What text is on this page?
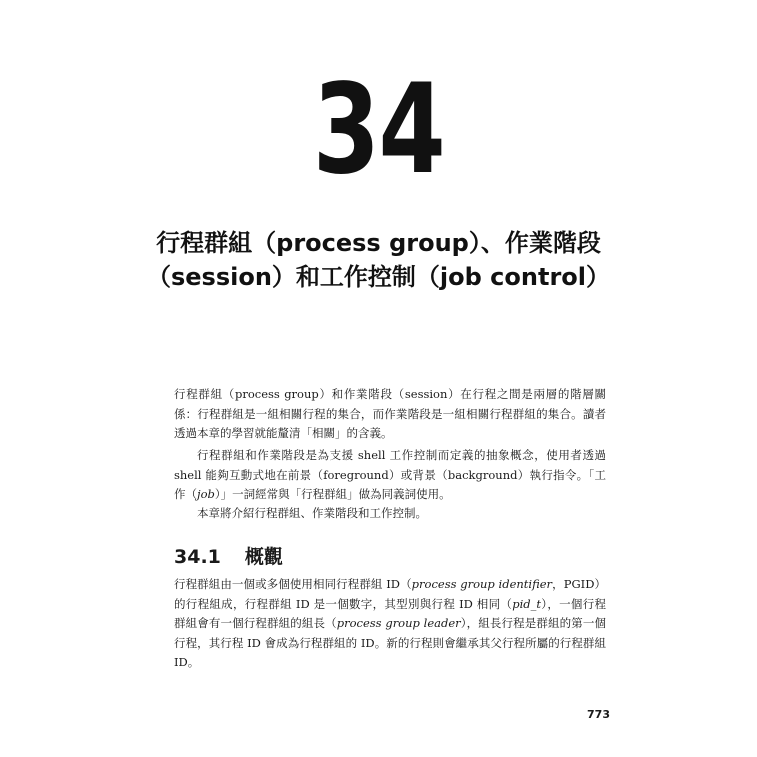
34
行程群組（process group）、作業階段
（session）和工作控制（job control）

行程群組（process group）和作業階段（session）在行程之間是兩層的階層關係：行程群組是一組相關行程的集合，而作業階段是一組相關行程群組的集合。讀者透過本章的學習就能釐清「相關」的含義。

行程群組和作業階段是為支援 shell 工作控制而定義的抽象概念，使用者透過 shell 能夠互動式地在前景（foreground）或背景（background）執行指令。「工作（job）」一詞經常與「行程群組」做為同義詞使用。

本章將介紹行程群組、作業階段和工作控制。

34.1 概觀

行程群組由一個或多個使用相同行程群組 ID（process group identifier，PGID）的行程組成，行程群組 ID 是一個數字，其型別與行程 ID 相同（pid_t），一個行程群組會有一個行程群組的組長（process group leader），組長行程是群組的第一個行程，其行程 ID 會成為行程群組的 ID。新的行程則會繼承其父行程所屬的行程群組 ID。

773
